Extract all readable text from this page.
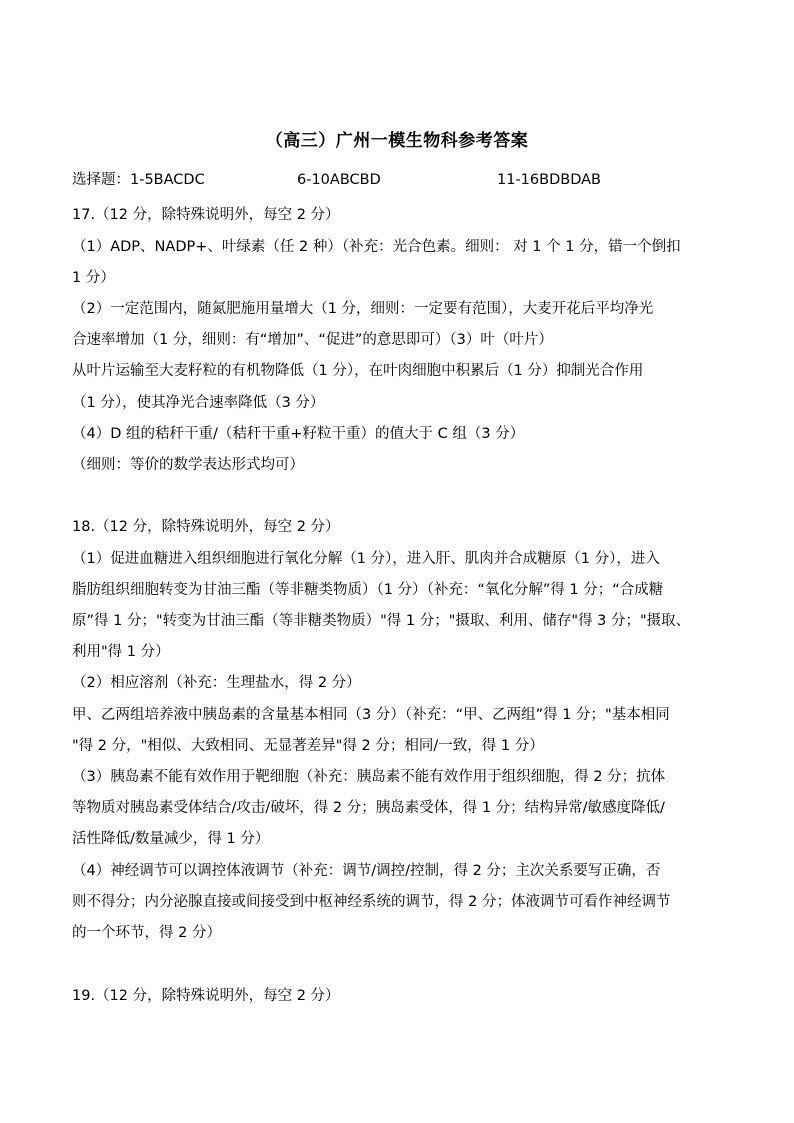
（高三）广州一模生物科参考答案
选择题：1-5BACDC	6-10ABCBD	11-16BDBDAB
17.（12 分，除特殊说明外，每空 2 分）
（1）ADP、NADP+、叶绿素（任 2 种）（补充：光合色素。细则： 对 1 个 1 分，错一个倒扣
1 分）
（2）一定范围内，随氮肥施用量增大（1 分，细则：一定要有范围），大麦开花后平均净光
合速率增加（1 分，细则：有“增加”、“促进”的意思即可）（3）叶（叶片）
从叶片运输至大麦籽粒的有机物降低（1 分），在叶肉细胞中积累后（1 分）抑制光合作用
（1 分），使其净光合速率降低（3 分）
（4）D 组的秸秆干重/（秸秆干重+籽粒干重）的值大于 C 组（3 分）
（细则：等价的数学表达形式均可）
18.（12 分，除特殊说明外，每空 2 分）
（1）促进血糖进入组织细胞进行氧化分解（1 分），进入肝、肌肉并合成糖原（1 分），进入
脂肪组织细胞转变为甘油三酯（等非糖类物质）（1 分）（补充：“氧化分解”得 1 分；“合成糖
原”得 1 分；"转变为甘油三酯（等非糖类物质）"得 1 分；"摄取、利用、储存"得 3 分；"摄取、
利用"得 1 分）
（2）相应溶剂（补充：生理盐水，得 2 分）
甲、乙两组培养液中胰岛素的含量基本相同（3 分）（补充：“甲、乙两组”得 1 分；"基本相同
"得 2 分，"相似、大致相同、无显著差异"得 2 分；相同/一致，得 1 分）
（3）胰岛素不能有效作用于靶细胞（补充：胰岛素不能有效作用于组织细胞，得 2 分；抗体
等物质对胰岛素受体结合/攻击/破坏，得 2 分；胰岛素受体，得 1 分；结构异常/敏感度降低/
活性降低/数量减少，得 1 分）
（4）神经调节可以调控体液调节（补充：调节/调控/控制，得 2 分；主次关系要写正确，否
则不得分；内分泌腺直接或间接受到中枢神经系统的调节，得 2 分；体液调节可看作神经调节
的一个环节，得 2 分）
19.（12 分，除特殊说明外，每空 2 分）
